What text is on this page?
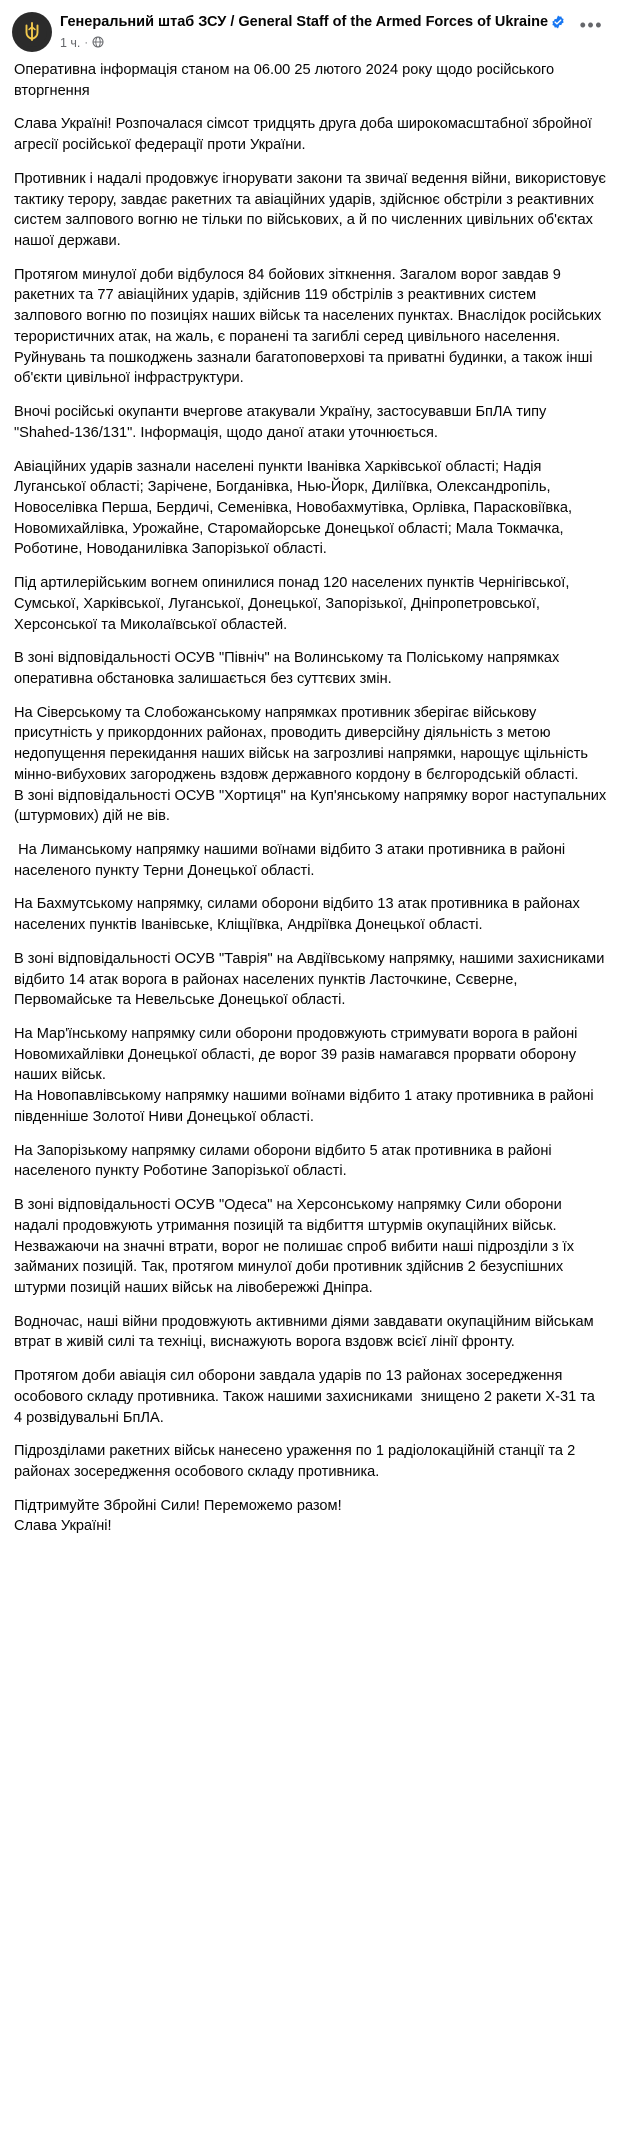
Генеральний штаб ЗСУ / General Staff of the Armed Forces of Ukraine
1 ч. ·
•••

Оперативна інформація станом на 06.00 25 лютого 2024 року щодо російського вторгнення

Слава Україні! Розпочалася сімсот тридцять друга доба широкомасштабної збройної агресії російської федерації проти України.

Противник і надалі продовжує ігнорувати закони та звичаї ведення війни, використовує тактику терору, завдає ракетних та авіаційних ударів, здійснює обстріли з реактивних систем залпового вогню не тільки по військових, а й по численних цивільних об'єктах нашої держави.

Протягом минулої доби відбулося 84 бойових зіткнення. Загалом ворог завдав 9 ракетних та 77 авіаційних ударів, здійснив 119 обстрілів з реактивних систем залпового вогню по позиціях наших військ та населених пунктах. Внаслідок російських терористичних атак, на жаль, є поранені та загиблі серед цивільного населення. Руйнувань та пошкоджень зазнали багатоповерхові та приватні будинки, а також інші об'єкти цивільної інфраструктури.

Вночі російські окупанти вчергове атакували Україну, застосувавши БпЛА типу "Shahed-136/131". Інформація, щодо даної атаки уточнюється.

Авіаційних ударів зазнали населені пункти Іванівка Харківської області; Надія Луганської області; Заріченe, Богданівка, Нью-Йорк, Диліївка, Олександропіль, Новоселівка Перша, Бердичі, Семенівка, Новобахмутівка, Орлівка, Парасковіївка, Новомихайлівка, Урожайне, Старомайорське Донецької області; Мала Токмачка, Роботине, Новоданилівка Запорізької області.

Під артилерійським вогнем опинилися понад 120 населених пунктів Чернігівської, Сумської, Харківської, Луганської, Донецької, Запорізької, Дніпропетровської, Херсонської та Миколаївської областей.

В зоні відповідальності ОСУВ "Північ" на Волинському та Поліському напрямках оперативна обстановка залишається без суттєвих змін.

На Сіверському та Слобожанському напрямках противник зберігає військову присутність у прикордонних районах, проводить диверсійну діяльність з метою недопущення перекидання наших військ на загрозливі напрямки, нарощує щільність мінно-вибухових загороджень вздовж державного кордону в бєлгородській області.

В зоні відповідальності ОСУВ "Хортиця" на Куп'янському напрямку ворог наступальних (штурмових) дій не вів.

На Лиманському напрямку нашими воїнами відбито 3 атаки противника в районі населеного пункту Терни Донецької області.

На Бахмутському напрямку, силами оборони відбито 13 атак противника в районах населених пунктів Іванівське, Кліщіївка, Андріївка Донецької області.

В зоні відповідальності ОСУВ "Таврія" на Авдіївському напрямку, нашими захисниками відбито 14 атак ворога в районах населених пунктів Ласточкине, Сєверне, Первомайське та Невельське Донецької області.

На Мар'їнському напрямку сили оборони продовжують стримувати ворога в районі Новомихайлівки Донецької області, де ворог 39 разів намагався прорвати оборону наших військ.

На Новопавлівському напрямку нашими воїнами відбито 1 атаку противника в районі південніше Золотої Ниви Донецької області.

На Запорізькому напрямку силами оборони відбито 5 атак противника в районі  населеного пункту Роботине Запорізької області.

В зоні відповідальності ОСУВ "Одеса" на Херсонському напрямку Сили оборони надалі продовжують утримання позицій та відбиття штурмів окупаційних військ. Незважаючи на значні втрати, ворог не полишає спроб вибити наші підрозділи з їх займаних позицій. Так, протягом минулої доби противник здійснив 2 безуспішних штурми позицій наших військ на лівобережжі Дніпра.

Водночас, наші війни продовжують активними діями завдавати окупаційним військам втрат в живій силі та техніці, виснажують ворога вздовж всієї лінії фронту.

Протягом доби авіація сил оборони завдала ударів по 13 районах зосередження особового складу противника. Також нашими захисниками  знищено 2 ракети Х-31 та 4 розвідувальні БпЛА.

Підрозділами ракетних військ нанесено ураження по 1 радіолокаційній станції та 2 районах зосередження особового складу противника.

Підтримуйте Збройні Сили! Переможемо разом!

Слава Україні!
